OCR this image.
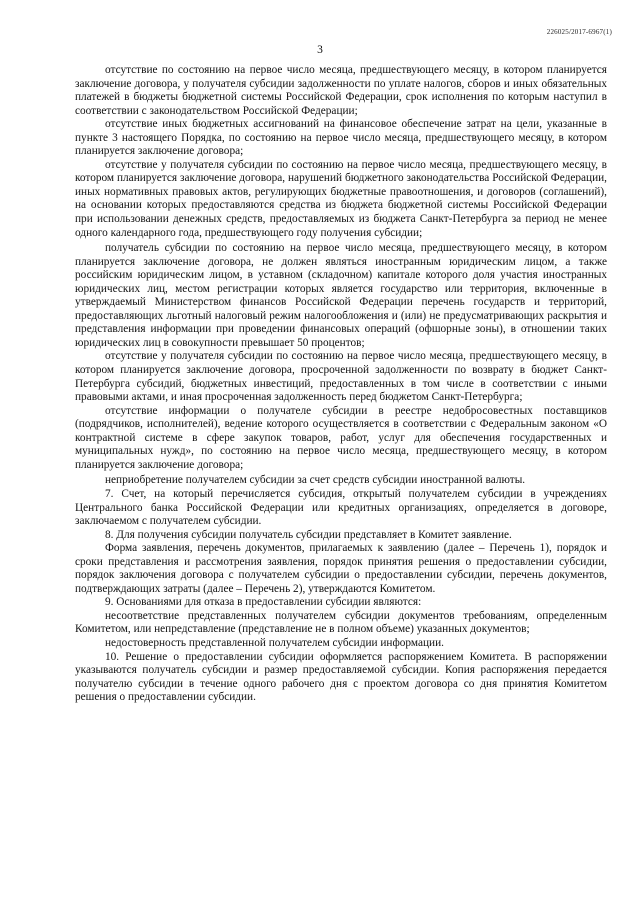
226025/2017-6967(1)
3

отсутствие по состоянию на первое число месяца, предшествующего месяцу, в котором планируется заключение договора, у получателя субсидии задолженности по уплате налогов, сборов и иных обязательных платежей в бюджеты бюджетной системы Российской Федерации, срок исполнения по которым наступил в соответствии с законодательством Российской Федерации;

отсутствие иных бюджетных ассигнований на финансовое обеспечение затрат на цели, указанные в пункте 3 настоящего Порядка, по состоянию на первое число месяца, предшествующего месяцу, в котором планируется заключение договора;

отсутствие у получателя субсидии по состоянию на первое число месяца, предшествующего месяцу, в котором планируется заключение договора, нарушений бюджетного законодательства Российской Федерации, иных нормативных правовых актов, регулирующих бюджетные правоотношения, и договоров (соглашений), на основании которых предоставляются средства из бюджета бюджетной системы Российской Федерации при использовании денежных средств, предоставляемых из бюджета Санкт-Петербурга за период не менее одного календарного года, предшествующего году получения субсидии;

получатель субсидии по состоянию на первое число месяца, предшествующего месяцу, в котором планируется заключение договора, не должен являться иностранным юридическим лицом, а также российским юридическим лицом, в уставном (складочном) капитале которого доля участия иностранных юридических лиц, местом регистрации которых является государство или территория, включенные в утверждаемый Министерством финансов Российской Федерации перечень государств и территорий, предоставляющих льготный налоговый режим налогообложения и (или) не предусматривающих раскрытия и представления информации при проведении финансовых операций (офшорные зоны), в отношении таких юридических лиц в совокупности превышает 50 процентов;

отсутствие у получателя субсидии по состоянию на первое число месяца, предшествующего месяцу, в котором планируется заключение договора, просроченной задолженности по возврату в бюджет Санкт-Петербурга субсидий, бюджетных инвестиций, предоставленных в том числе в соответствии с иными правовыми актами, и иная просроченная задолженность перед бюджетом Санкт-Петербурга;

отсутствие информации о получателе субсидии в реестре недобросовестных поставщиков (подрядчиков, исполнителей), ведение которого осуществляется в соответствии с Федеральным законом «О контрактной системе в сфере закупок товаров, работ, услуг для обеспечения государственных и муниципальных нужд», по состоянию на первое число месяца, предшествующего месяцу, в котором планируется заключение договора;

неприобретение получателем субсидии за счет средств субсидии иностранной валюты.

7. Счет, на который перечисляется субсидия, открытый получателем субсидии в учреждениях Центрального банка Российской Федерации или кредитных организациях, определяется в договоре, заключаемом с получателем субсидии.

8. Для получения субсидии получатель субсидии представляет в Комитет заявление.

Форма заявления, перечень документов, прилагаемых к заявлению (далее – Перечень 1), порядок и сроки представления и рассмотрения заявления, порядок принятия решения о предоставлении субсидии, порядок заключения договора с получателем субсидии о предоставлении субсидии, перечень документов, подтверждающих затраты (далее – Перечень 2), утверждаются Комитетом.

9. Основаниями для отказа в предоставлении субсидии являются:

несоответствие представленных получателем субсидии документов требованиям, определенным Комитетом, или непредставление (представление не в полном объеме) указанных документов;

недостоверность представленной получателем субсидии информации.

10. Решение о предоставлении субсидии оформляется распоряжением Комитета. В распоряжении указываются получатель субсидии и размер предоставляемой субсидии. Копия распоряжения передается получателю субсидии в течение одного рабочего дня с проектом договора со дня принятия Комитетом решения о предоставлении субсидии.
